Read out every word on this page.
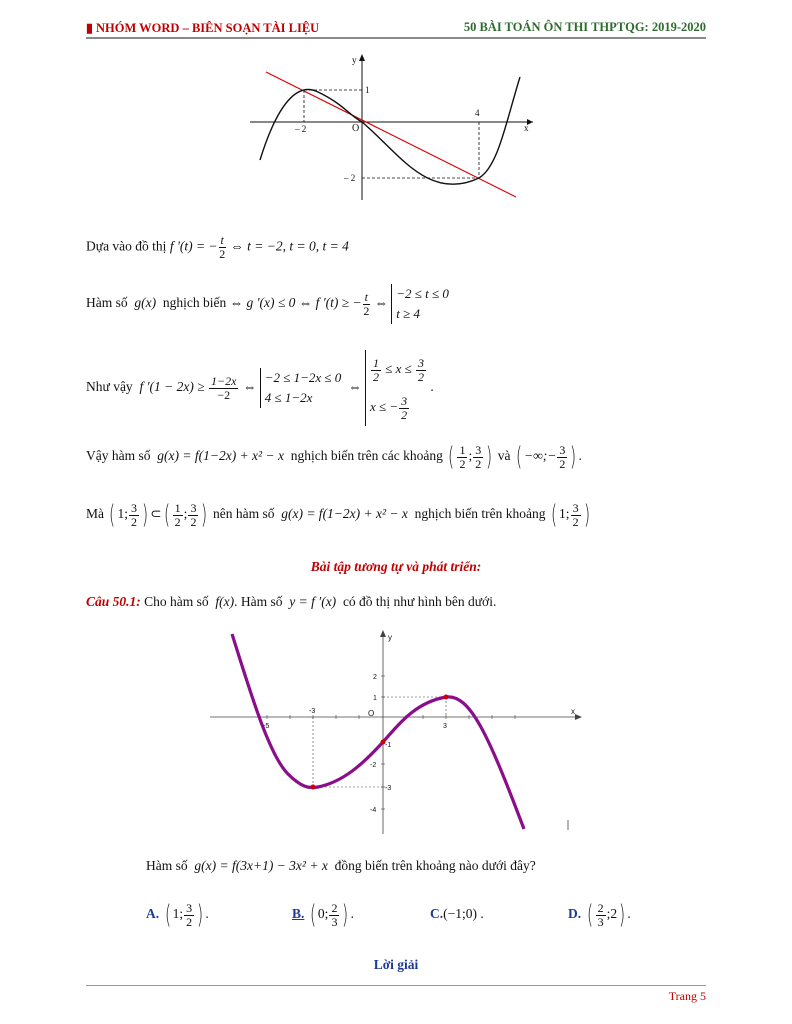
▮ NHÓM WORD – BIÊN SOẠN TÀI LIỆU	50 BÀI TOÁN ÔN THI THPTQG: 2019-2020
y
x
O
1
– 2
4
– 2
Dựa vào đồ thị f '(t) = − $\frac{t}{2}$ ⇔ t = −2, t = 0, t = 4
Hàm số  g(x)  nghịch biến ⇔ g '(x) ≤ 0 ⇔ f '(t) ≥ − $\frac{t}{2}$ ⇔
−2 ≤ t ≤ 0
t ≥ 4
Như vậy  f $'(1 - 2x) \ge \frac{1-2x}{-2}$ ⇔
−2 ≤ 1−2x ≤ 0
4 ≤ 1−2x
⇔
$\frac{1}{2} \le x \le \frac{3}{2}$
x ≤ − $\frac{3}{2}$
.
Vậy hàm số  g(x) = f(1−2x) + x² − x  nghịch biến trên các khoảng ( $\frac{1}{2}$ ; $\frac{3}{2}$ ) và ( −∞;− $\frac{3}{2}$ ) .
Mà ( 1; $\frac{3}{2}$ ) ⊂( $\frac{1}{2}$ ; $\frac{3}{2}$ ) nên hàm số  g(x) = f(1−2x) + x² − x  nghịch biến trên khoảng ( 1; $\frac{3}{2}$ )
Bài tập tương tự và phát triển:
Câu 50.1: Cho hàm số  f(x). Hàm số  y = f ′(x)  có đồ thị như hình bên dưới.
y
x
O
2
1
-1
-2
-3
-4
-5
-3
3
Hàm số  g(x) = f(3x+1) − 3x² + x  đồng biến trên khoảng nào dưới đây?
A. ( 1; $\frac{3}{2}$ ) .	B. ( 0; $\frac{2}{3}$ ) .	C.(−1;0) .	D. ( $\frac{2}{3}$ ;2) .
Lời giải
Trang 5
